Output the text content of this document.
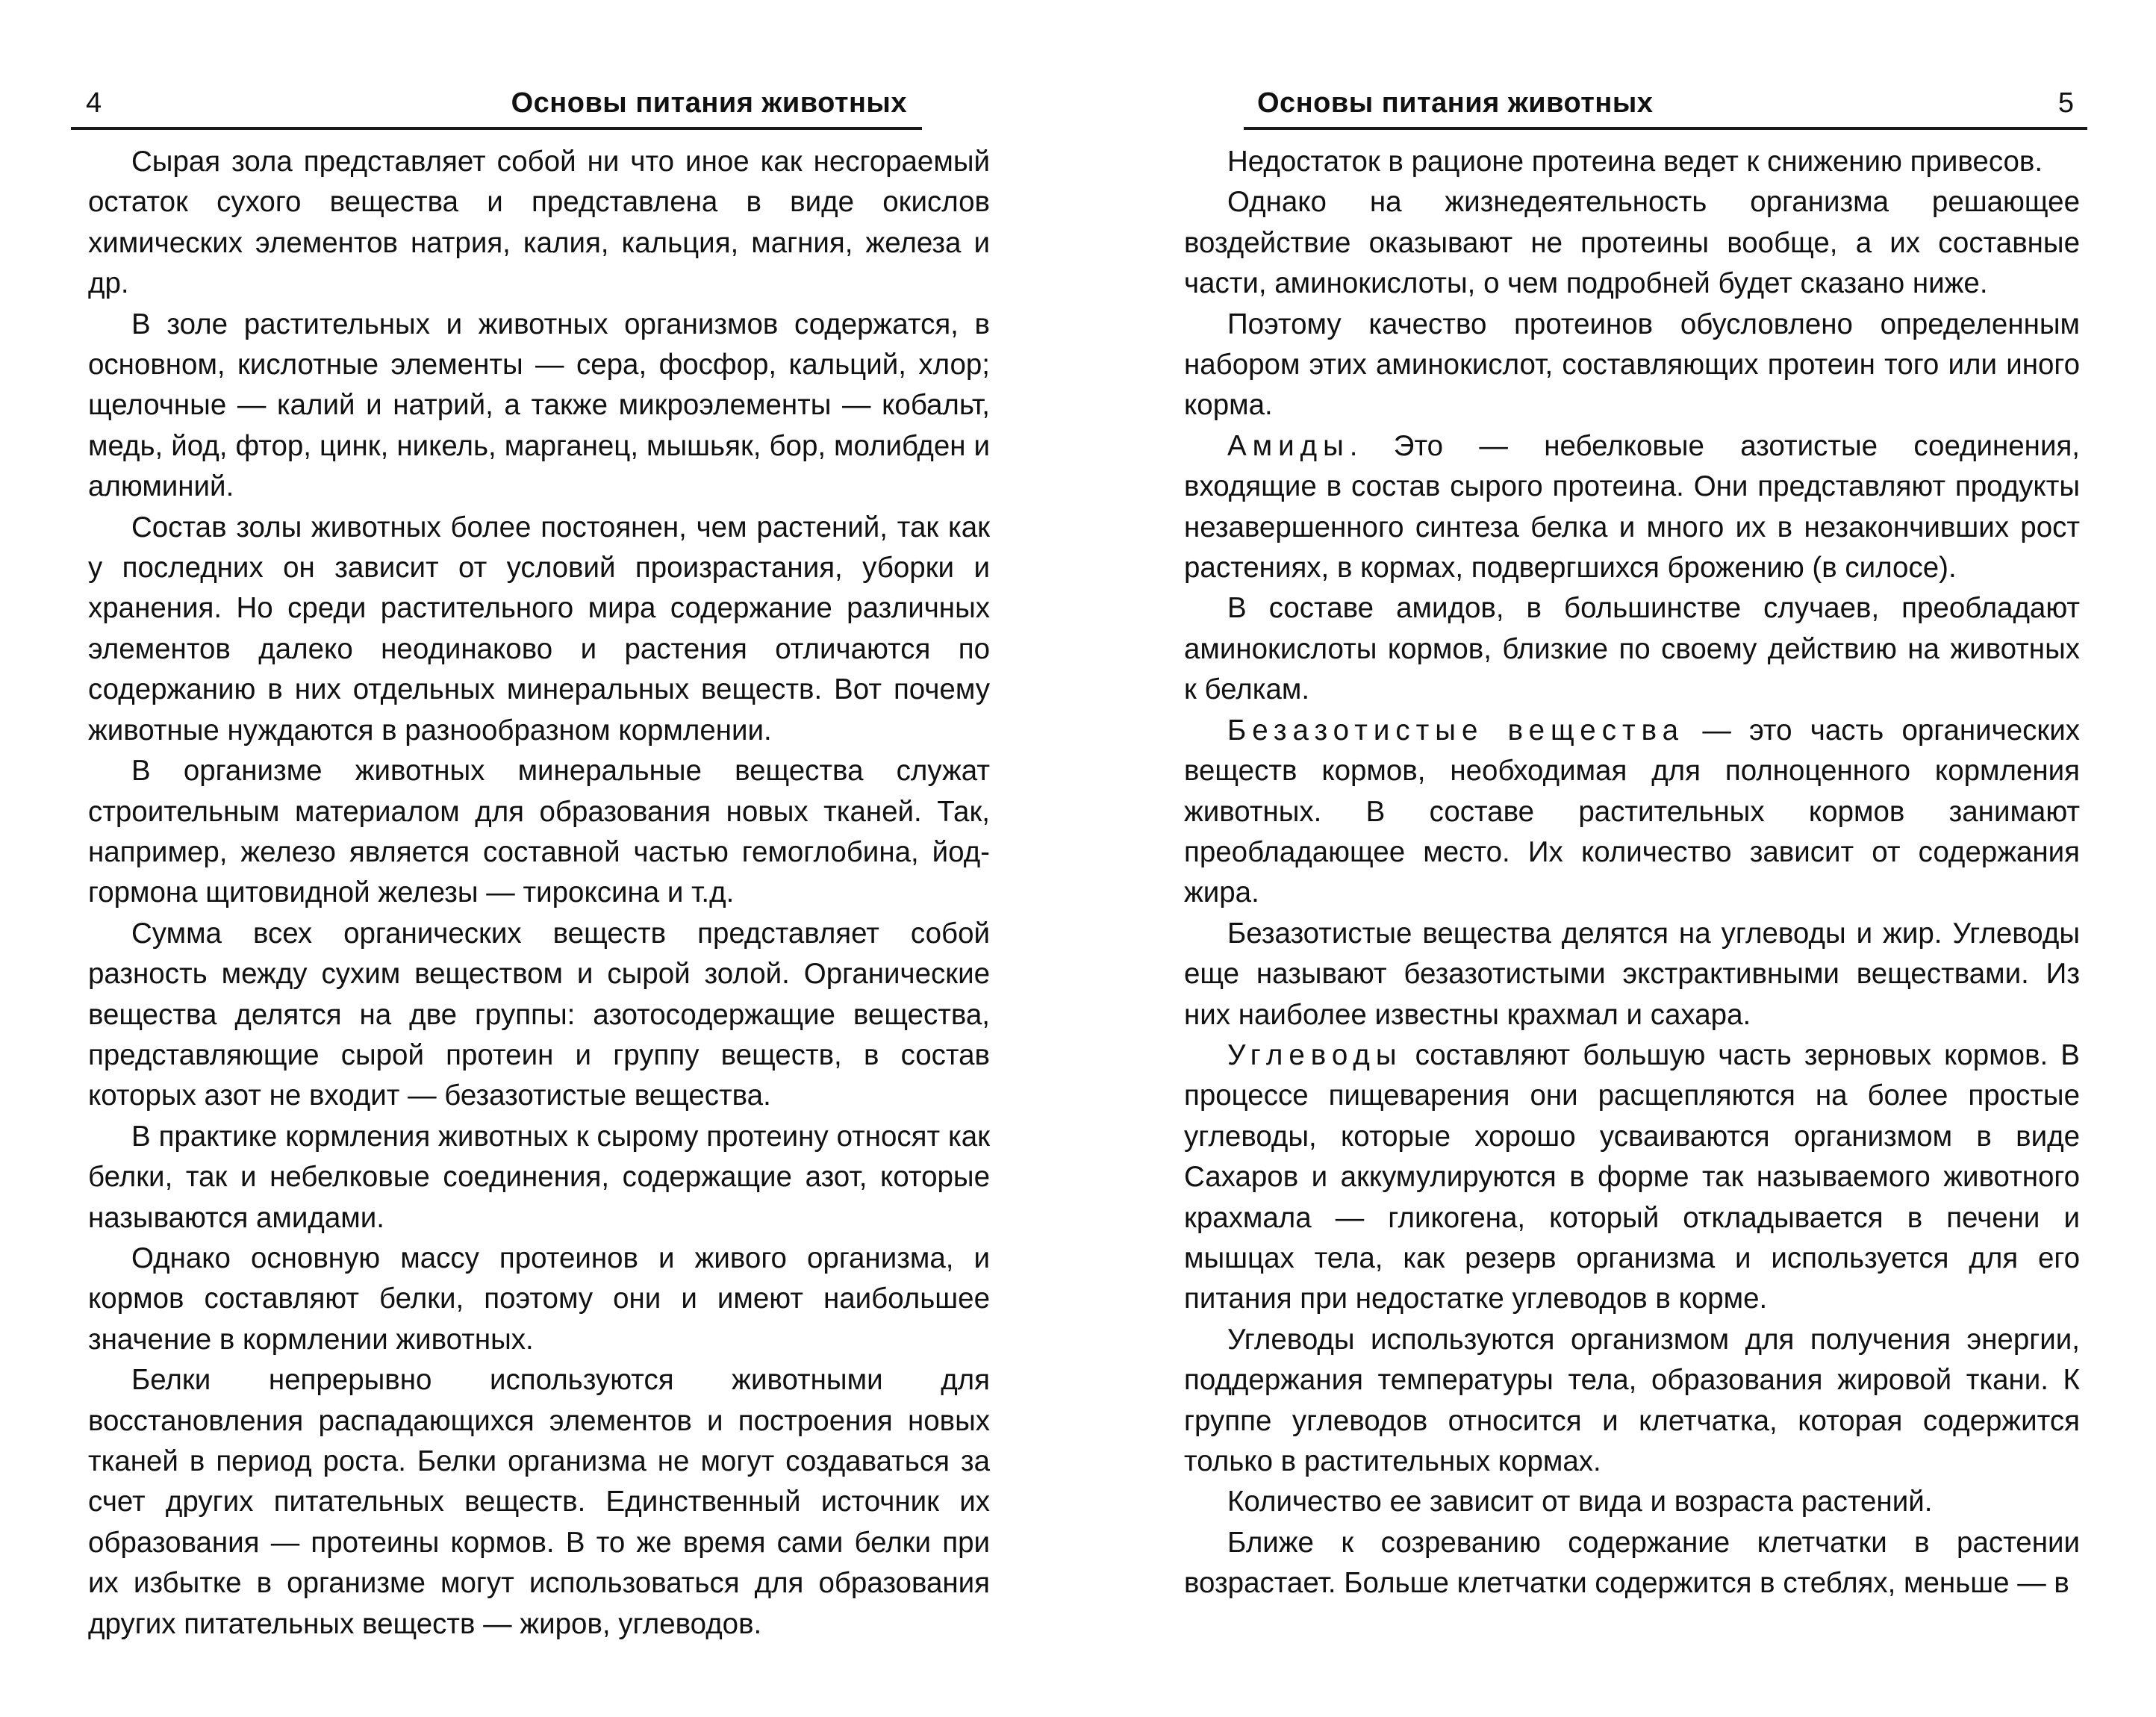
4	Основы питания животных

Сырая зола представляет собой ни что иное как несгораемый остаток сухого вещества и представлена в виде окислов химических элементов натрия, калия, кальция, магния, железа и др.

В золе растительных и животных организмов содержатся, в основном, кислотные элементы — сера, фосфор, кальций, хлор; щелочные — калий и натрий, а также микроэлементы — кобальт, медь, йод, фтор, цинк, никель, марганец, мышьяк, бор, молибден и алюминий.

Состав золы животных более постоянен, чем растений, так как у последних он зависит от условий произрастания, уборки и хранения. Но среди растительного мира содержание различных элементов далеко неодинаково и растения отличаются по содержанию в них отдельных минеральных веществ. Вот почему животные нуждаются в разнообразном кормлении.

В организме животных минеральные вещества служат строительным материалом для образования новых тканей. Так, например, железо является составной частью гемоглобина, йод-гормона щитовидной железы — тироксина и т.д.

Сумма всех органических веществ представляет собой разность между сухим веществом и сырой золой. Органические вещества делятся на две группы: азотосодержащие вещества, представляющие сырой протеин и группу веществ, в состав которых азот не входит — безазотистые вещества.

В практике кормления животных к сырому протеину относят как белки, так и небелковые соединения, содержащие азот, которые называются амидами.

Однако основную массу протеинов и живого организма, и кормов составляют белки, поэтому они и имеют наибольшее значение в кормлении животных.

Белки непрерывно используются животными для восстановления распадающихся элементов и построения новых тканей в период роста. Белки организма не могут создаваться за счет других питательных веществ. Единственный источник их образования — протеины кормов. В то же время сами белки при их избытке в организме могут использоваться для образования других питательных веществ — жиров, углеводов.

Основы питания животных	5

Недостаток в рационе протеина ведет к снижению привесов.

Однако на жизнедеятельность организма решающее воздействие оказывают не протеины вообще, а их составные части, аминокислоты, о чем подробней будет сказано ниже.

Поэтому качество протеинов обусловлено определенным набором этих аминокислот, составляющих протеин того или иного корма.

Амиды. Это — небелковые азотистые соединения, входящие в состав сырого протеина. Они представляют продукты незавершенного синтеза белка и много их в незакончивших рост растениях, в кормах, подвергшихся брожению (в силосе).

В составе амидов, в большинстве случаев, преобладают аминокислоты кормов, близкие по своему действию на животных к белкам.

Безазотистые вещества — это часть органических веществ кормов, необходимая для полноценного кормления животных. В составе растительных кормов занимают преобладающее место. Их количество зависит от содержания жира.

Безазотистые вещества делятся на углеводы и жир. Углеводы еще называют безазотистыми экстрактивными веществами. Из них наиболее известны крахмал и сахара.

Углеводы составляют большую часть зерновых кормов. В процессе пищеварения они расщепляются на более простые углеводы, которые хорошо усваиваются организмом в виде Сахаров и аккумулируются в форме так называемого животного крахмала — гликогена, который откладывается в печени и мышцах тела, как резерв организма и используется для его питания при недостатке углеводов в корме.

Углеводы используются организмом для получения энергии, поддержания температуры тела, образования жировой ткани. К группе углеводов относится и клетчатка, которая содержится только в растительных кормах.

Количество ее зависит от вида и возраста растений.

Ближе к созреванию содержание клетчатки в растении возрастает. Больше клетчатки содержится в стеблях, меньше — в
